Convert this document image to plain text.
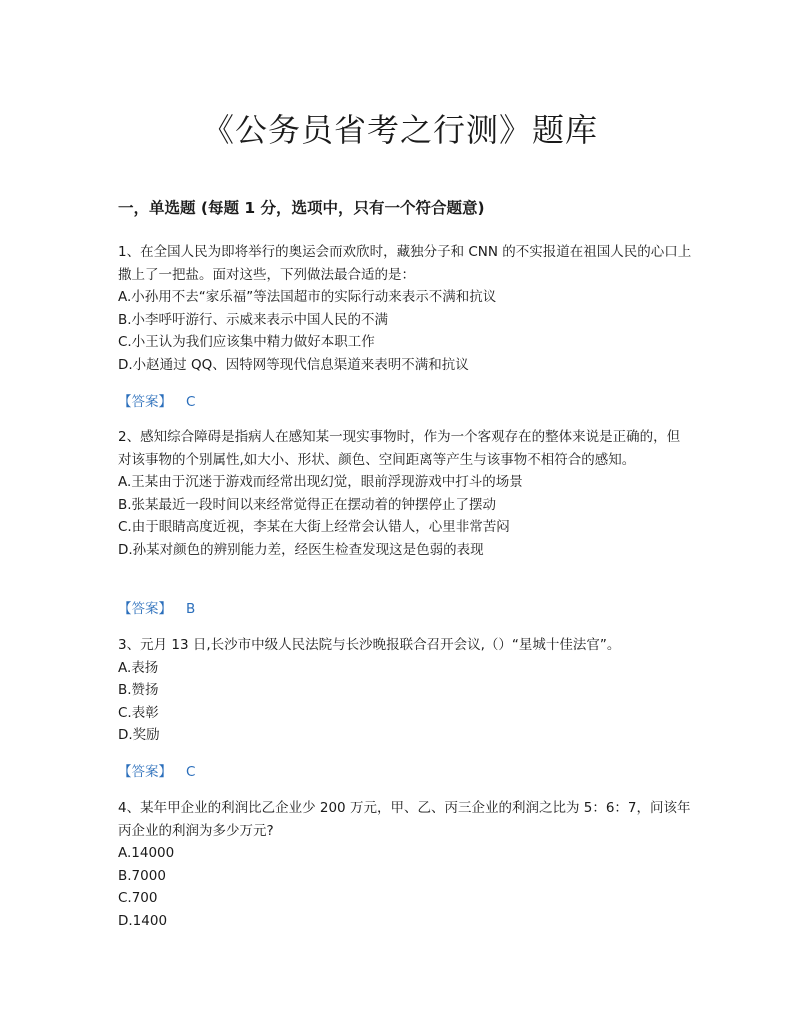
《公务员省考之行测》题库
一，单选题 (每题 1 分，选项中，只有一个符合题意)

1、在全国人民为即将举行的奥运会而欢欣时，藏独分子和 CNN 的不实报道在祖国人民的心口上撒上了一把盐。面对这些，下列做法最合适的是：

A.小孙用不去“家乐福”等法国超市的实际行动来表示不满和抗议

B.小李呼吁游行、示威来表示中国人民的不满

C.小王认为我们应该集中精力做好本职工作

D.小赵通过 QQ、因特网等现代信息渠道来表明不满和抗议

【答案】 C

2、感知综合障碍是指病人在感知某一现实事物时，作为一个客观存在的整体来说是正确的，但对该事物的个别属性,如大小、形状、颜色、空间距离等产生与该事物不相符合的感知。

A.王某由于沉迷于游戏而经常出现幻觉，眼前浮现游戏中打斗的场景

B.张某最近一段时间以来经常觉得正在摆动着的钟摆停止了摆动

C.由于眼睛高度近视，李某在大街上经常会认错人，心里非常苦闷

D.孙某对颜色的辨别能力差，经医生检查发现这是色弱的表现

【答案】 B

3、元月 13 日,长沙市中级人民法院与长沙晚报联合召开会议,（）“星城十佳法官”。

A.表扬

B.赞扬

C.表彰

D.奖励

【答案】 C

4、某年甲企业的利润比乙企业少 200 万元，甲、乙、丙三企业的利润之比为 5：6：7，问该年丙企业的利润为多少万元?

A.14000

B.7000

C.700

D.1400
